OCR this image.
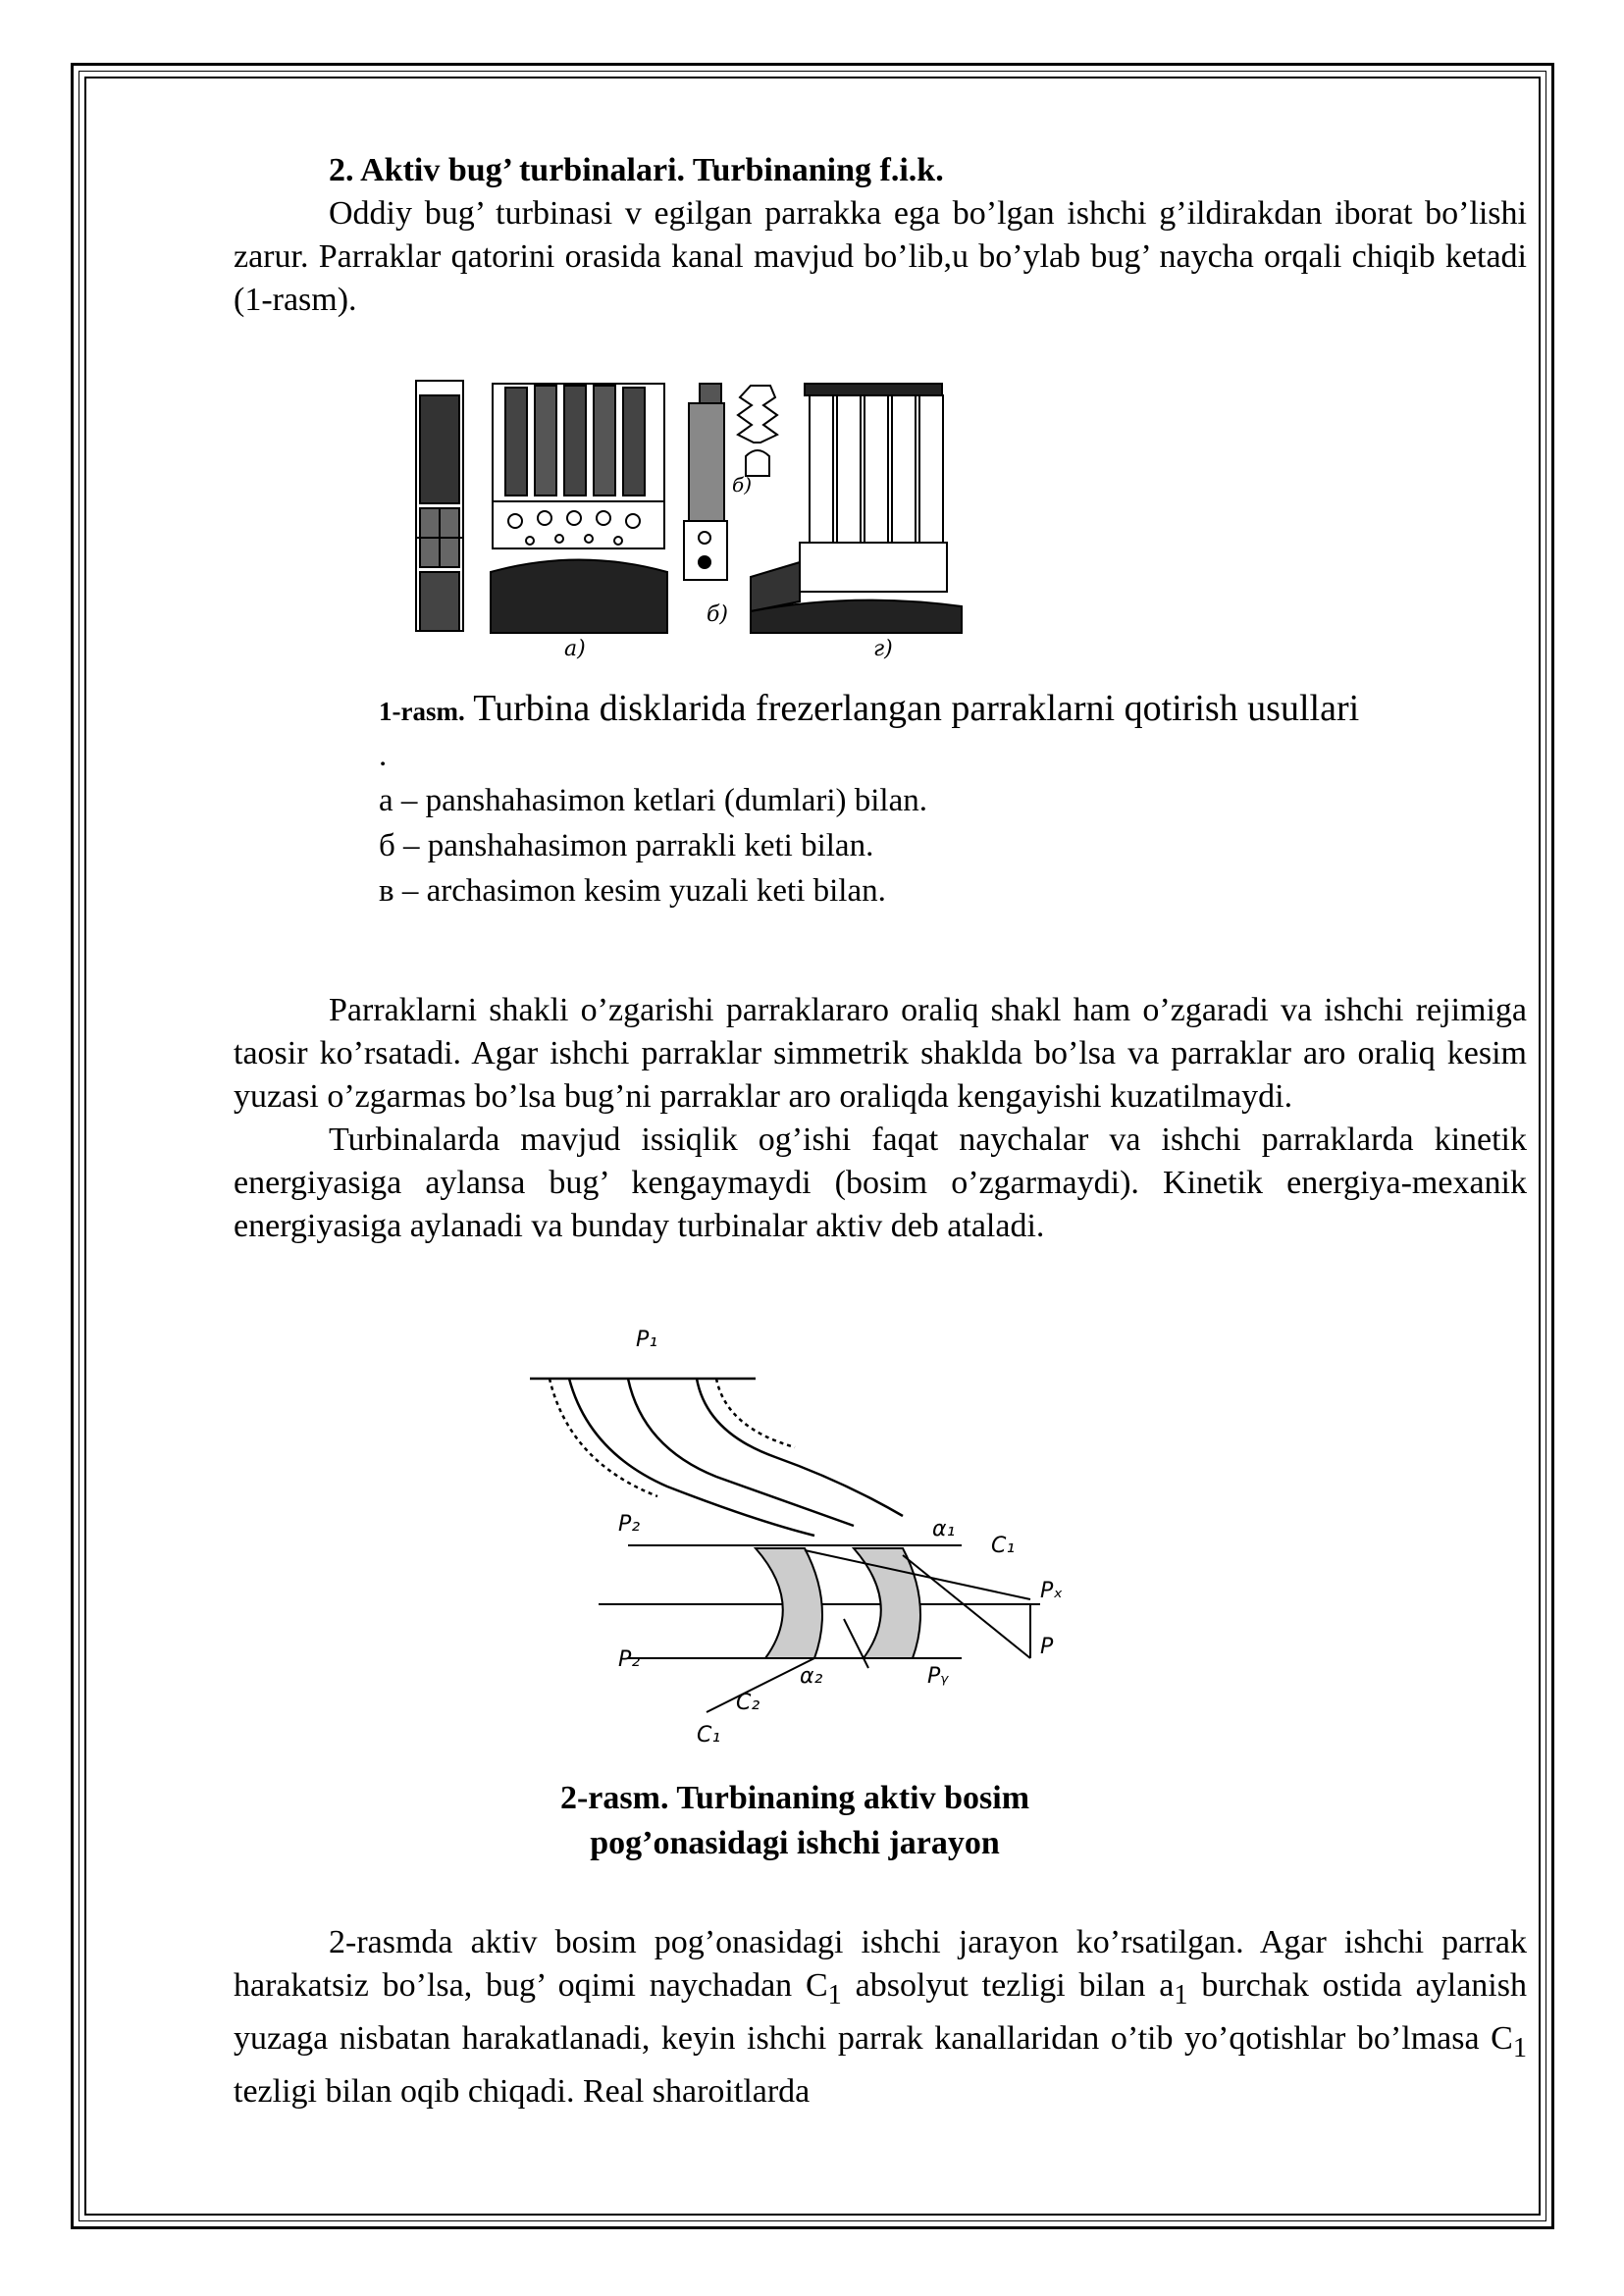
2. Aktiv bug’ turbinalari. Turbinaning f.i.k.

Oddiy bug’ turbinasi v egilgan parrakka ega bo’lgan ishchi g’ildirakdan iborat bo’lishi zarur. Parraklar qatorini orasida kanal mavjud bo’lib,u bo’ylab bug’ naycha orqali chiqib ketadi (1-rasm).

а)
б)
б)
г)
1-rasm. Turbina disklarida frezerlangan parraklarni qotirish usullari
.
а – panshahasimon ketlari (dumlari) bilan.
б – panshahasimon parrakli keti bilan.
в – archasimon kesim yuzali keti bilan.

Parraklarni shakli o’zgarishi parraklararo oraliq shakl ham o’zgaradi va ishchi rejimiga taosir ko’rsatadi. Agar ishchi parraklar simmetrik shakldа bo’lsa va parraklar aro oraliq kesim yuzasi o’zgarmas bo’lsa bug’ni parraklar aro oraliqda kengayishi kuzatilmaydi.

Turbinalarda mavjud issiqlik og’ishi faqat naychalar va ishchi parraklarda kinetik energiyasiga aylansa bug’ kengaymaydi (bosim o’zgarmaydi). Kinetik energiya-mexanik energiyasiga aylanadi va bunday turbinalar aktiv deb ataladi.

P₁
P₂
P₂
α₁
C₁
Pₓ
P
Pᵧ
α₂
C₂
C₁
2-rasm. Turbinaning aktiv bosim
pog’onasidagi ishchi jarayon

2-rasmda aktiv bosim pog’onasidagi ishchi jarayon ko’rsatilgan. Agar ishchi parrak harakatsiz bo’lsa, bug’ oqimi naychadan $C_1$ absolyut tezligi bilan $a_1$ burchak ostida aylanish yuzaga nisbatan harakatlanadi, keyin ishchi parrak kanallaridan o’tib yo’qotishlar bo’lmasa $C_1$ tezligi bilan oqib chiqadi. Real sharoitlarda
